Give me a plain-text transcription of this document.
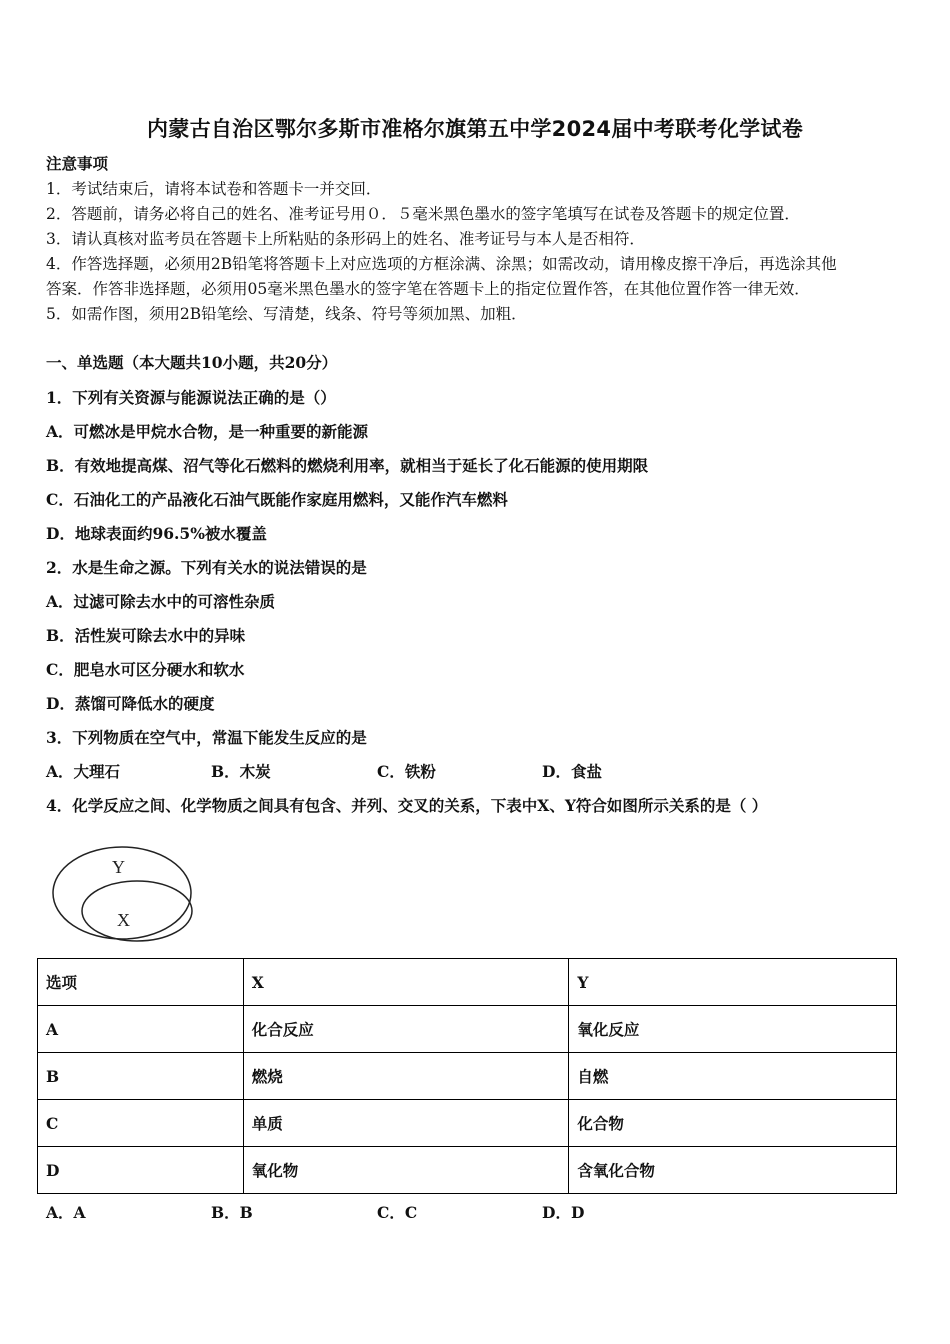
内蒙古自治区鄂尔多斯市准格尔旗第五中学2024届中考联考化学试卷
注意事项
1．考试结束后，请将本试卷和答题卡一并交回．
2．答题前，请务必将自己的姓名、准考证号用０．５毫米黑色墨水的签字笔填写在试卷及答题卡的规定位置．
3．请认真核对监考员在答题卡上所粘贴的条形码上的姓名、准考证号与本人是否相符．
4．作答选择题，必须用2B铅笔将答题卡上对应选项的方框涂满、涂黑；如需改动，请用橡皮擦干净后，再选涂其他
答案．作答非选择题，必须用05毫米黑色墨水的签字笔在答题卡上的指定位置作答，在其他位置作答一律无效．
5．如需作图，须用2B铅笔绘、写清楚，线条、符号等须加黑、加粗．
一、单选题（本大题共10小题，共20分）
1．下列有关资源与能源说法正确的是（）
A．可燃冰是甲烷水合物，是一种重要的新能源
B．有效地提高煤、沼气等化石燃料的燃烧利用率，就相当于延长了化石能源的使用期限
C．石油化工的产品液化石油气既能作家庭用燃料，又能作汽车燃料
D．地球表面约96.5%被水覆盖
2．水是生命之源。下列有关水的说法错误的是
A．过滤可除去水中的可溶性杂质
B．活性炭可除去水中的异味
C．肥皂水可区分硬水和软水
D．蒸馏可降低水的硬度
3．下列物质在空气中，常温下能发生反应的是
A．大理石	B．木炭	C．铁粉	D．食盐
4．化学反应之间、化学物质之间具有包含、并列、交叉的关系，下表中X、Y符合如图所示关系的是（ ）
Y
X
选项	X	Y
A	化合反应	氧化反应
B	燃烧	自燃
C	单质	化合物
D	氧化物	含氧化合物
A．A	B．B	C．C	D．D
